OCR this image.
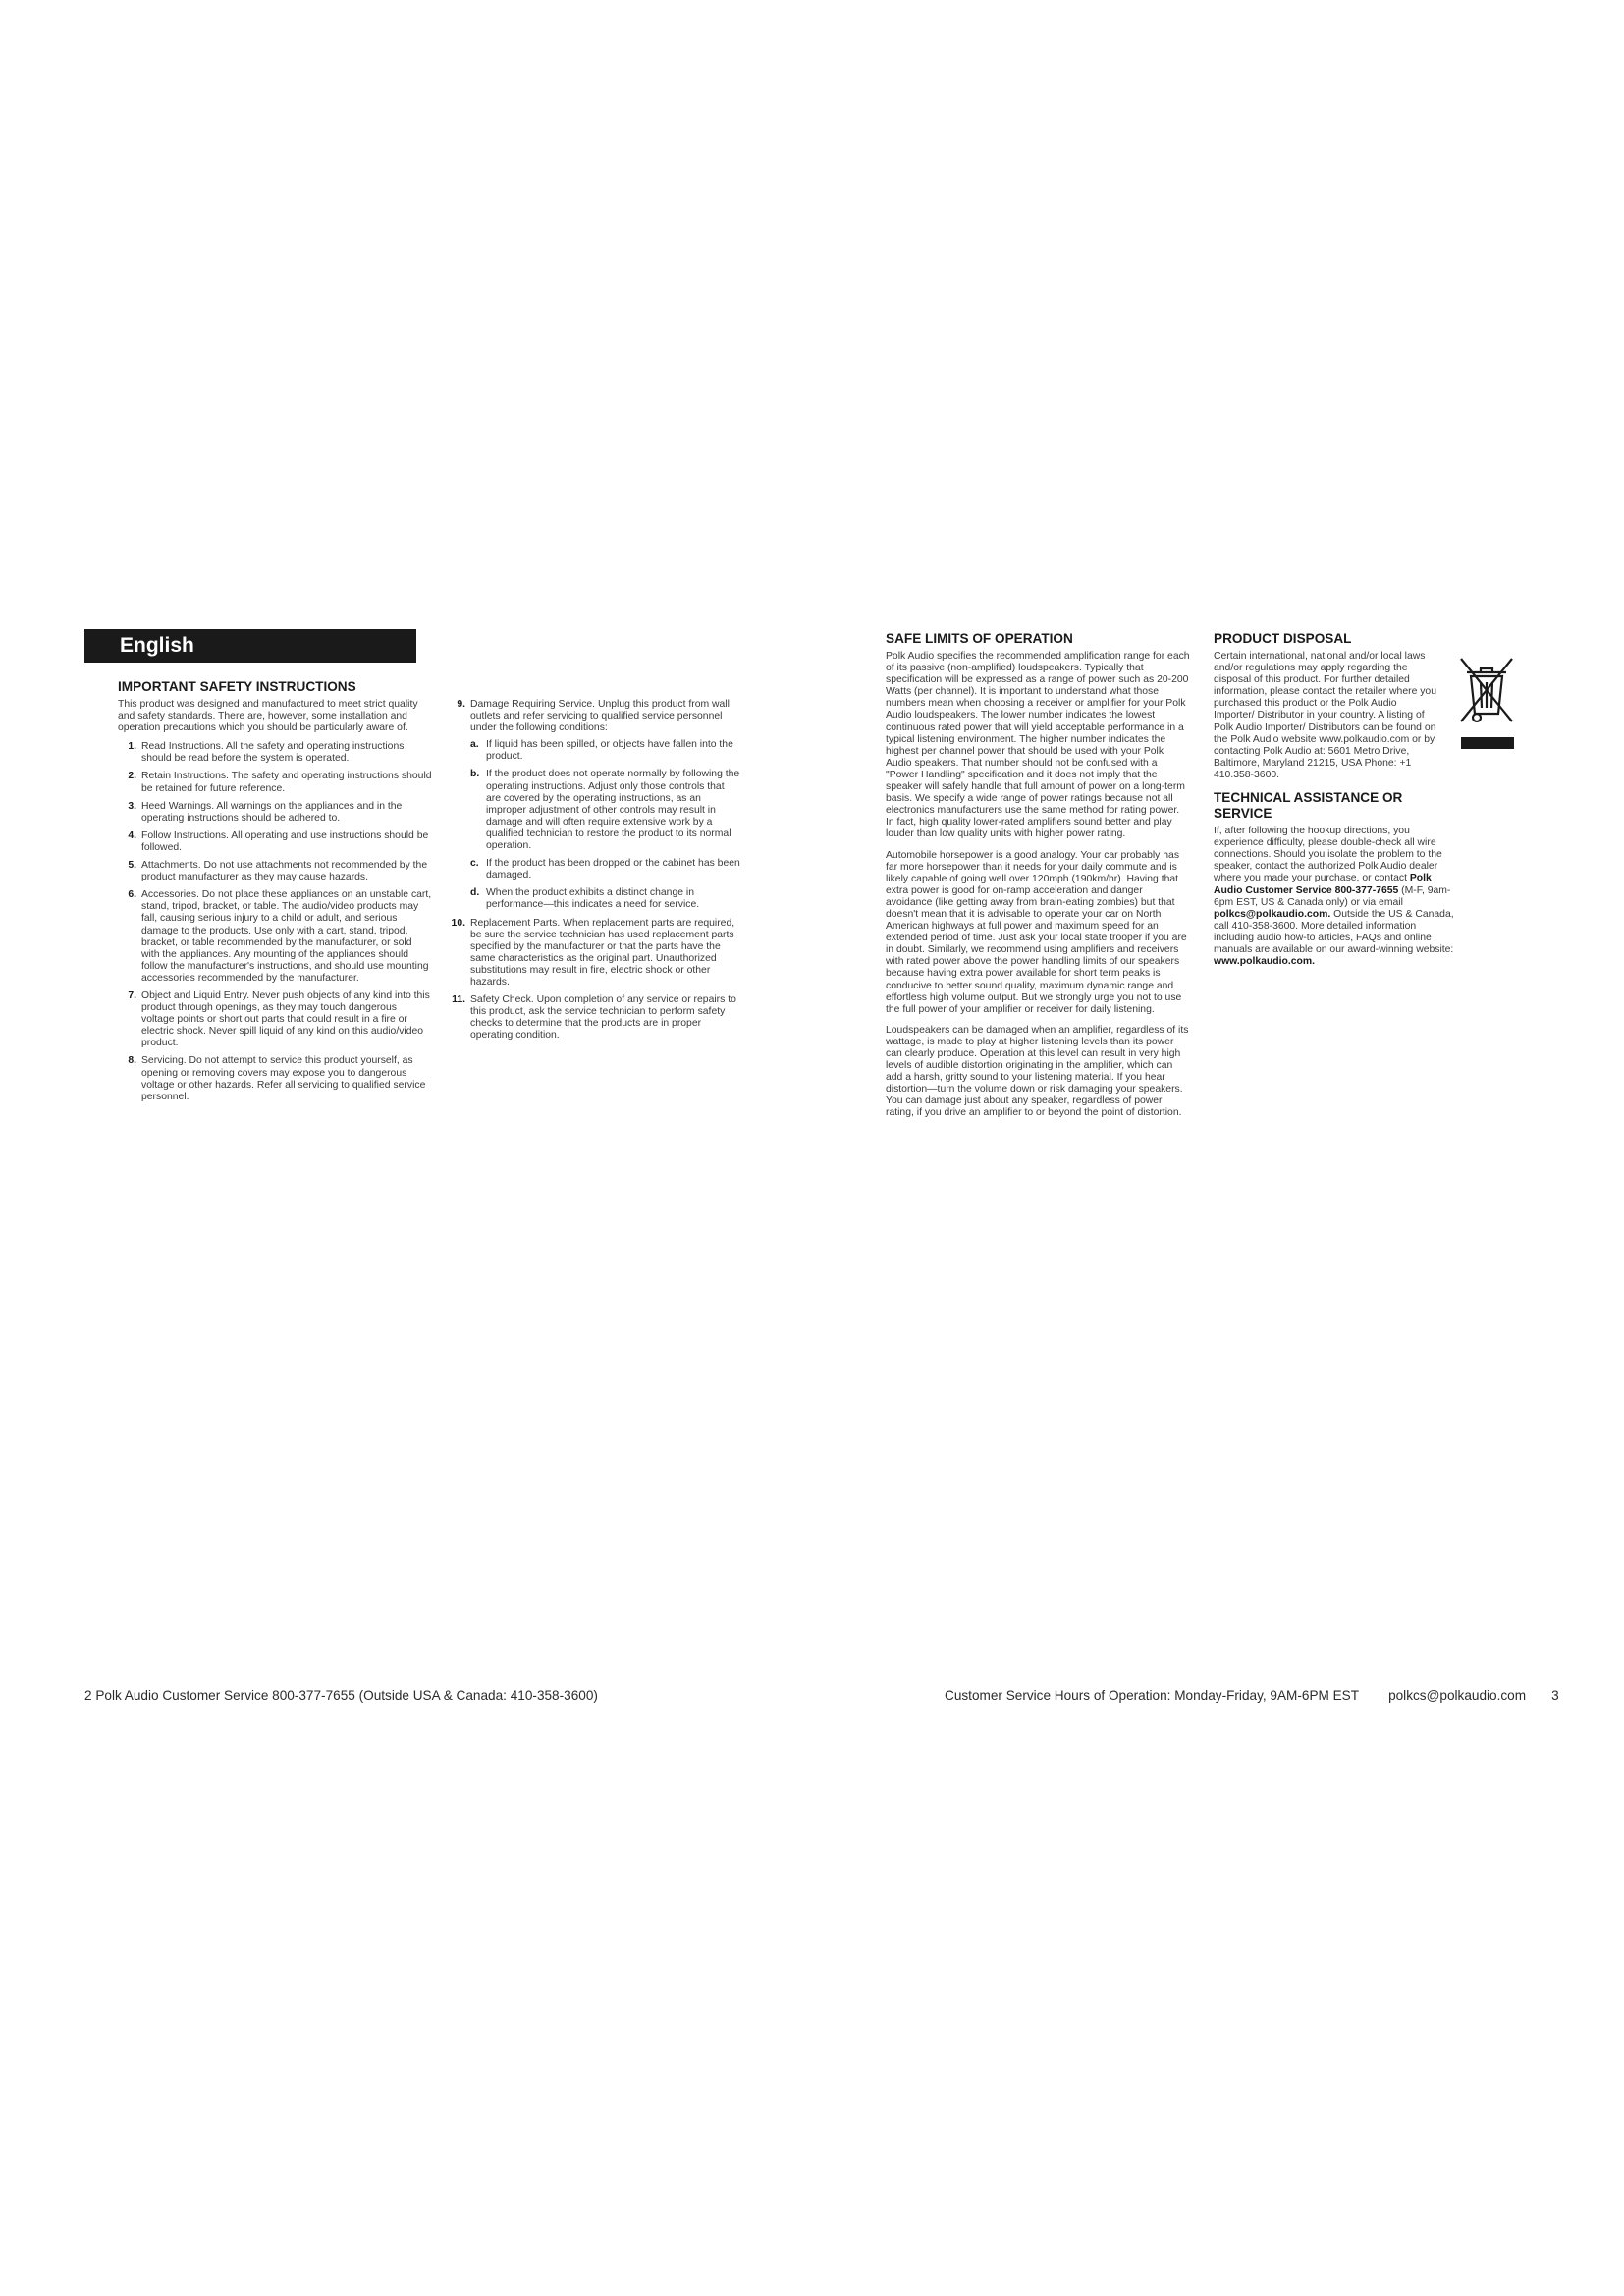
English
IMPORTANT SAFETY INSTRUCTIONS
This product was designed and manufactured to meet strict quality and safety standards. There are, however, some installation and operation precautions which you should be particularly aware of.
1. Read Instructions. All the safety and operating instructions should be read before the system is operated.
2. Retain Instructions. The safety and operating instructions should be retained for future reference.
3. Heed Warnings. All warnings on the appliances and in the operating instructions should be adhered to.
4. Follow Instructions. All operating and use instructions should be followed.
5. Attachments. Do not use attachments not recommended by the product manufacturer as they may cause hazards.
6. Accessories. Do not place these appliances on an unstable cart, stand, tripod, bracket, or table. The audio/video products may fall, causing serious injury to a child or adult, and serious damage to the products. Use only with a cart, stand, tripod, bracket, or table recommended by the manufacturer, or sold with the appliances. Any mounting of the appliances should follow the manufacturer's instructions, and should use mounting accessories recommended by the manufacturer.
7. Object and Liquid Entry. Never push objects of any kind into this product through openings, as they may touch dangerous voltage points or short out parts that could result in a fire or electric shock. Never spill liquid of any kind on this audio/video product.
8. Servicing. Do not attempt to service this product yourself, as opening or removing covers may expose you to dangerous voltage or other hazards. Refer all servicing to qualified service personnel.
9. Damage Requiring Service. Unplug this product from wall outlets and refer servicing to qualified service personnel under the following conditions:
a. If liquid has been spilled, or objects have fallen into the product.
b. If the product does not operate normally by following the operating instructions. Adjust only those controls that are covered by the operating instructions, as an improper adjustment of other controls may result in damage and will often require extensive work by a qualified technician to restore the product to its normal operation.
c. If the product has been dropped or the cabinet has been damaged.
d. When the product exhibits a distinct change in performance—this indicates a need for service.
10. Replacement Parts. When replacement parts are required, be sure the service technician has used replacement parts specified by the manufacturer or that the parts have the same characteristics as the original part. Unauthorized substitutions may result in fire, electric shock or other hazards.
11. Safety Check. Upon completion of any service or repairs to this product, ask the service technician to perform safety checks to determine that the products are in proper operating condition.
SAFE LIMITS OF OPERATION
Polk Audio specifies the recommended amplification range for each of its passive (non-amplified) loudspeakers. Typically that specification will be expressed as a range of power such as 20-200 Watts (per channel). It is important to understand what those numbers mean when choosing a receiver or amplifier for your Polk Audio loudspeakers. The lower number indicates the lowest continuous rated power that will yield acceptable performance in a typical listening environment. The higher number indicates the highest per channel power that should be used with your Polk Audio speakers. That number should not be confused with a "Power Handling" specification and it does not imply that the speaker will safely handle that full amount of power on a long-term basis. We specify a wide range of power ratings because not all electronics manufacturers use the same method for rating power. In fact, high quality lower-rated amplifiers sound better and play louder than low quality units with higher power rating.
Automobile horsepower is a good analogy. Your car probably has far more horsepower than it needs for your daily commute and is likely capable of going well over 120mph (190km/hr). Having that extra power is good for on-ramp acceleration and danger avoidance (like getting away from brain-eating zombies) but that doesn't mean that it is advisable to operate your car on North American highways at full power and maximum speed for an extended period of time. Just ask your local state trooper if you are in doubt. Similarly, we recommend using amplifiers and receivers with rated power above the power handling limits of our speakers because having extra power available for short term peaks is conducive to better sound quality, maximum dynamic range and effortless high volume output. But we strongly urge you not to use the full power of your amplifier or receiver for daily listening.
Loudspeakers can be damaged when an amplifier, regardless of its wattage, is made to play at higher listening levels than its power can clearly produce. Operation at this level can result in very high levels of audible distortion originating in the amplifier, which can add a harsh, gritty sound to your listening material. If you hear distortion—turn the volume down or risk damaging your speakers. You can damage just about any speaker, regardless of power rating, if you drive an amplifier to or beyond the point of distortion.
PRODUCT DISPOSAL
Certain international, national and/or local laws and/or regulations may apply regarding the disposal of this product. For further detailed information, please contact the retailer where you purchased this product or the Polk Audio Importer/ Distributor in your country. A listing of Polk Audio Importer/ Distributors can be found on the Polk Audio website www.polkaudio.com or by contacting Polk Audio at: 5601 Metro Drive, Baltimore, Maryland 21215, USA Phone: +1 410.358-3600.
TECHNICAL ASSISTANCE OR SERVICE
If, after following the hookup directions, you experience difficulty, please double-check all wire connections. Should you isolate the problem to the speaker, contact the authorized Polk Audio dealer where you made your purchase, or contact Polk Audio Customer Service 800-377-7655 (M-F, 9am-6pm EST, US & Canada only) or via email polkcs@polkaudio.com. Outside the US & Canada, call 410-358-3600. More detailed information including audio how-to articles, FAQs and online manuals are available on our award-winning website: www.polkaudio.com.
2 Polk Audio Customer Service 800-377-7655 (Outside USA & Canada: 410-358-3600)	Customer Service Hours of Operation: Monday-Friday, 9AM-6PM EST polkcs@polkaudio.com 3
